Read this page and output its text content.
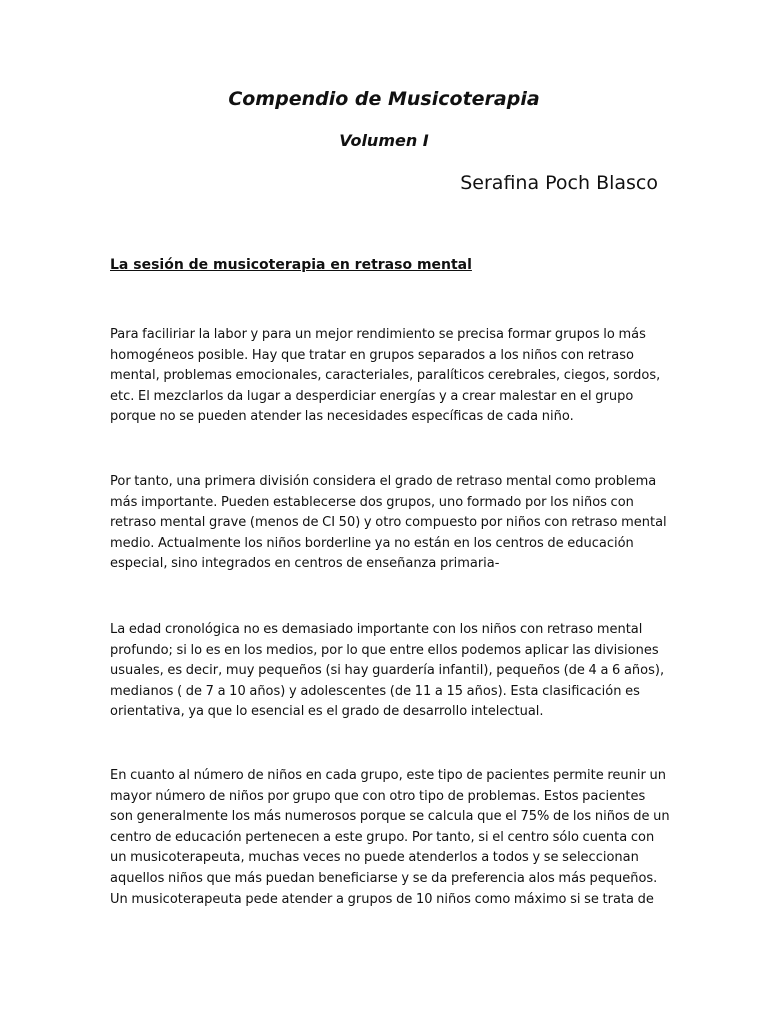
Compendio de Musicoterapia
Volumen I
Serafina Poch Blasco
La sesión de musicoterapia en retraso mental

Para faciliriar la labor y para un mejor rendimiento se precisa formar grupos lo más
homogéneos posible. Hay que tratar en grupos separados a los niños con retraso
mental, problemas emocionales, caracteriales, paralíticos cerebrales, ciegos, sordos,
etc. El mezclarlos da lugar a desperdiciar energías y a crear malestar en el grupo
porque no se pueden atender las necesidades específicas de cada niño.

Por tanto, una primera división considera el grado de retraso mental como problema
más importante. Pueden establecerse dos grupos, uno formado por los niños con
retraso mental grave (menos de CI 50) y otro compuesto por niños con retraso mental
medio. Actualmente los niños borderline ya no están en los centros de educación
especial, sino integrados en centros de enseñanza primaria-

La edad cronológica no es demasiado importante con los niños con retraso mental
profundo; si lo es en los medios, por lo que entre ellos podemos aplicar las divisiones
usuales, es decir, muy pequeños (si hay guardería infantil), pequeños (de 4 a 6 años),
medianos ( de 7 a 10 años) y adolescentes (de 11 a 15 años). Esta clasificación es
orientativa, ya que lo esencial es el grado de desarrollo intelectual.

En cuanto al número de niños en cada grupo, este tipo de pacientes permite reunir un
mayor número de niños por grupo que con otro tipo de problemas. Estos pacientes
son generalmente los más numerosos porque se calcula que el 75% de los niños de un
centro de educación pertenecen a este grupo. Por tanto, si el centro sólo cuenta con
un musicoterapeuta, muchas veces no puede atenderlos a todos y se seleccionan
aquellos niños que más puedan beneficiarse y se da preferencia alos más pequeños.
Un musicoterapeuta pede atender a grupos de 10 niños como máximo si se trata de
